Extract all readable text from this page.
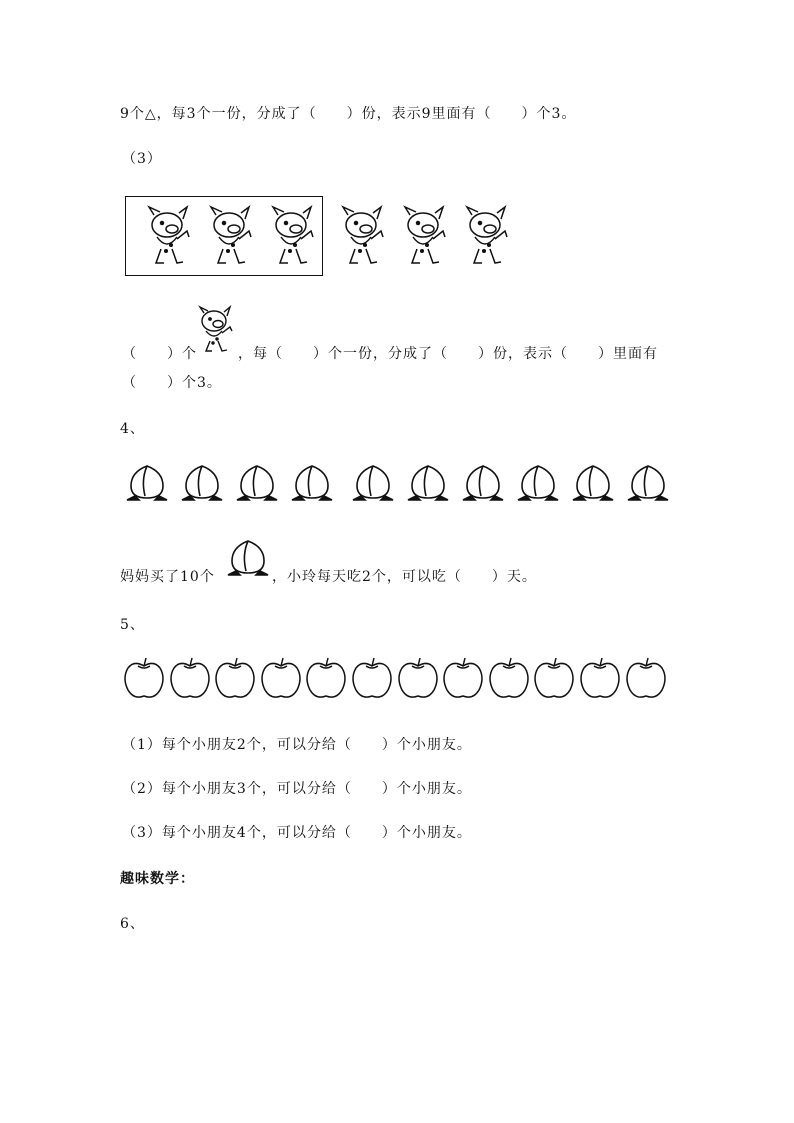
9个△，每3个一份，分成了（　　）份，表示9里面有（　　）个3。
（3）
（　　）个	，每（　　）个一份，分成了（　　）份，表示（　　）里面有
（　　）个3。
4、
妈妈买了10个	，小玲每天吃2个，可以吃（　　）天。
5、
（1）每个小朋友2个，可以分给（　　）个小朋友。
（2）每个小朋友3个，可以分给（　　）个小朋友。
（3）每个小朋友4个，可以分给（　　）个小朋友。
趣味数学：
6、
